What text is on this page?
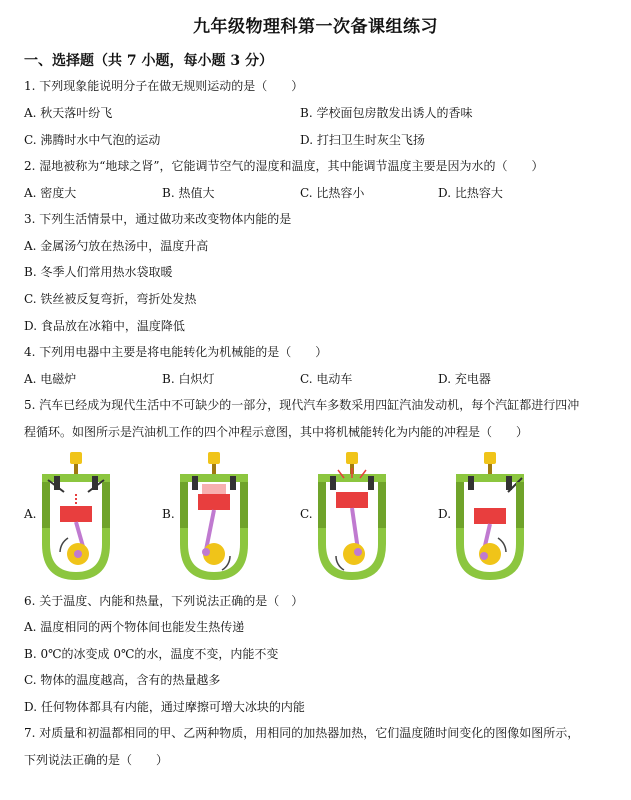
九年级物理科第一次备课组练习
一、选择题（共 7 小题，每小题 3 分）
1. 下列现象能说明分子在做无规则运动的是（　　）
A. 秋天落叶纷飞	B. 学校面包房散发出诱人的香味
C. 沸腾时水中气泡的运动	D. 打扫卫生时灰尘飞扬
2. 湿地被称为“地球之肾”，它能调节空气的湿度和温度，其中能调节温度主要是因为水的（　　）
A. 密度大	B. 热值大	C. 比热容小	D. 比热容大
3. 下列生活情景中，通过做功来改变物体内能的是
A. 金属汤勺放在热汤中，温度升高
B. 冬季人们常用热水袋取暖
C. 铁丝被反复弯折，弯折处发热
D. 食品放在冰箱中，温度降低
4. 下列用电器中主要是将电能转化为机械能的是（　　）
A. 电磁炉	B. 白炽灯	C. 电动车	D. 充电器
5. 汽车已经成为现代生活中不可缺少的一部分，现代汽车多数采用四缸汽油发动机，每个汽缸都进行四冲
程循环。如图所示是汽油机工作的四个冲程示意图，其中将机械能转化为内能的冲程是（　　）
A.	B.	C.	D.
6. 关于温度、内能和热量，下列说法正确的是（　）
A. 温度相同的两个物体间也能发生热传递
B. 0℃的冰变成 0℃的水，温度不变，内能不变
C. 物体的温度越高，含有的热量越多
D. 任何物体都具有内能，通过摩擦可增大冰块的内能
7. 对质量和初温都相同的甲、乙两种物质，用相同的加热器加热，它们温度随时间变化的图像如图所示，
下列说法正确的是（　　）
